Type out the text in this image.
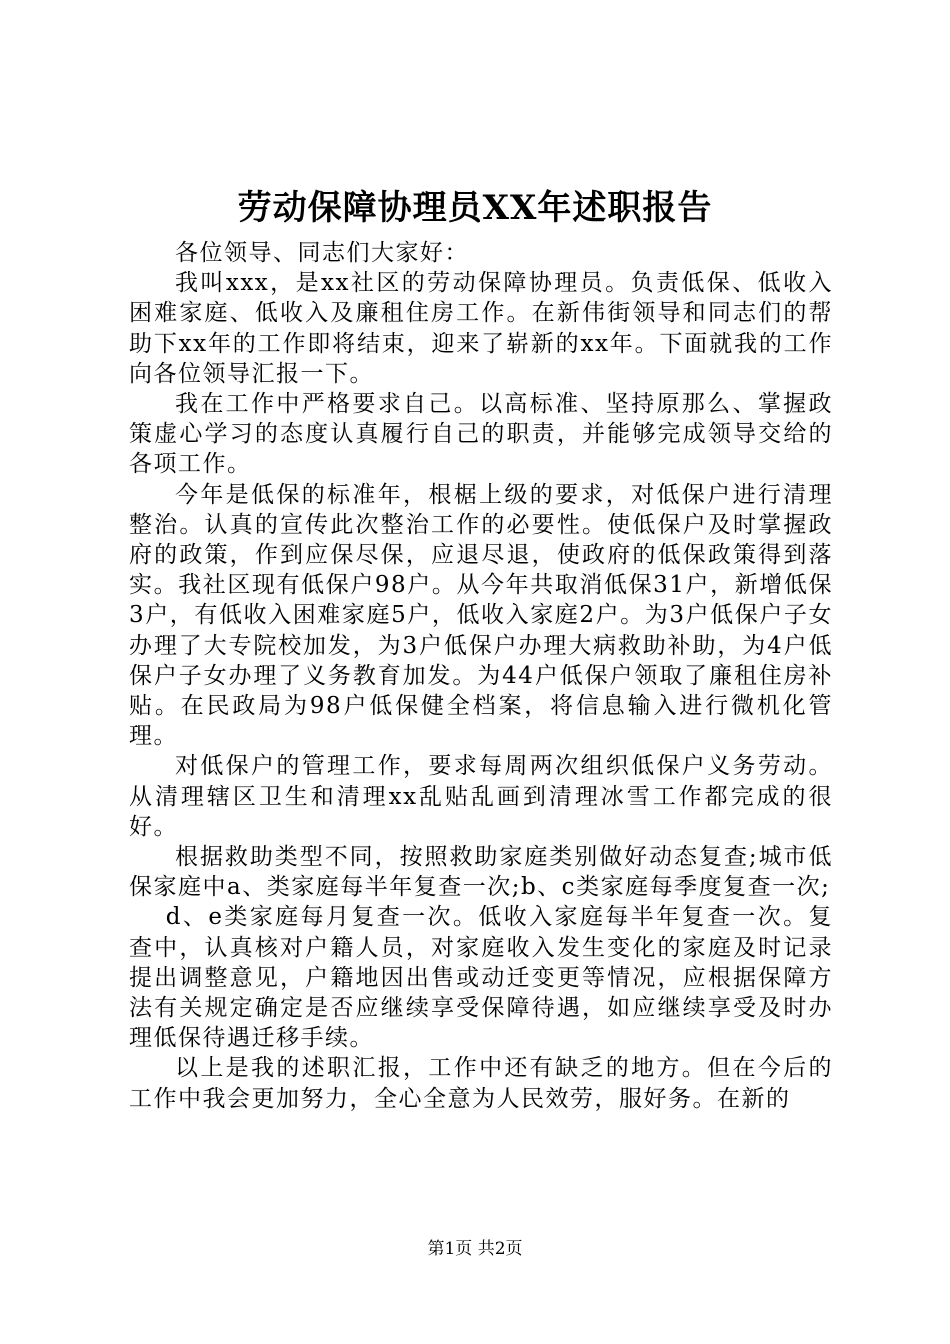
劳动保障协理员XX年述职报告

各位领导、同志们大家好：

我叫xxx，是xx社区的劳动保障协理员。负责低保、低收入困难家庭、低收入及廉租住房工作。在新伟街领导和同志们的帮助下xx年的工作即将结束，迎来了崭新的xx年。下面就我的工作向各位领导汇报一下。

我在工作中严格要求自己。以高标准、坚持原那么、掌握政策虚心学习的态度认真履行自己的职责，并能够完成领导交给的各项工作。

今年是低保的标准年，根椐上级的要求，对低保户进行清理整治。认真的宣传此次整治工作的必要性。使低保户及时掌握政府的政策，作到应保尽保，应退尽退，使政府的低保政策得到落实。我社区现有低保户98户。从今年共取消低保31户，新增低保3户，有低收入困难家庭5户，低收入家庭2户。为3户低保户子女办理了大专院校加发，为3户低保户办理大病救助补助，为4户低保户子女办理了义务教育加发。为44户低保户领取了廉租住房补贴。在民政局为98户低保健全档案，将信息输入进行微机化管理。

对低保户的管理工作，要求每周两次组织低保户义务劳动。从清理辖区卫生和清理xx乱贴乱画到清理冰雪工作都完成的很好。

根据救助类型不同，按照救助家庭类别做好动态复查;城市低保家庭中a、类家庭每半年复查一次;b、c类家庭每季度复查一次;

d、e类家庭每月复查一次。低收入家庭每半年复查一次。复查中，认真核对户籍人员，对家庭收入发生变化的家庭及时记录提出调整意见，户籍地因出售或动迁变更等情况，应根据保障方法有关规定确定是否应继续享受保障待遇，如应继续享受及时办理低保待遇迁移手续。

以上是我的述职汇报，工作中还有缺乏的地方。但在今后的工作中我会更加努力，全心全意为人民效劳，服好务。在新的

第1页 共2页
